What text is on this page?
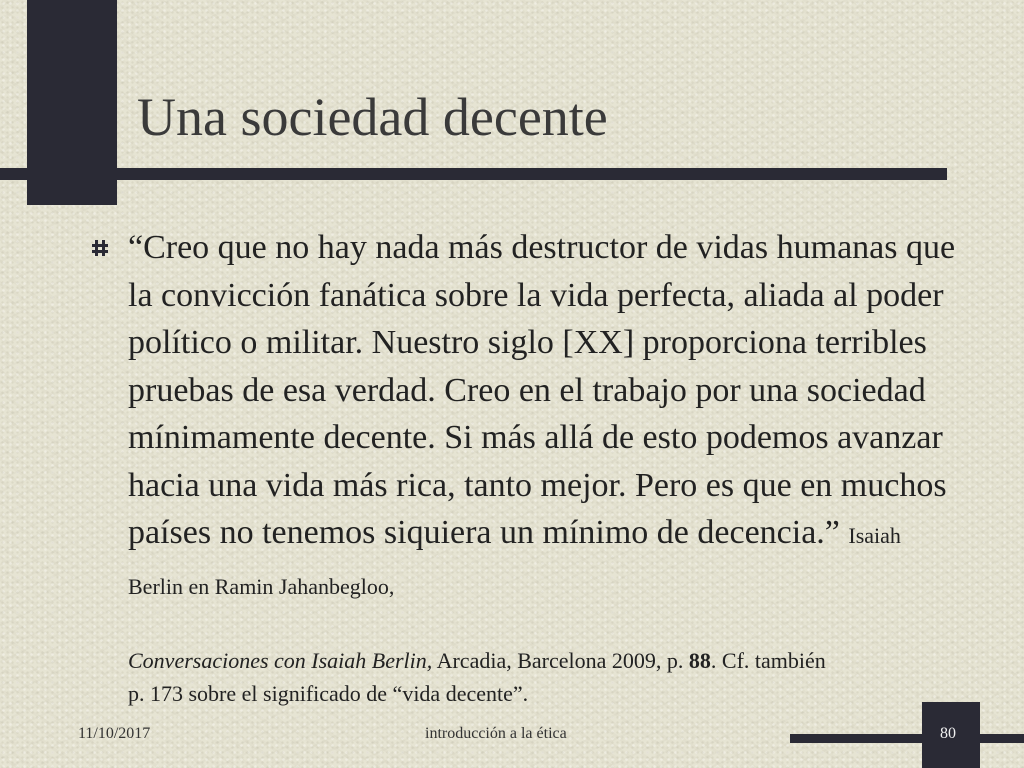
Una sociedad decente
“Creo que no hay nada más destructor de vidas humanas que la convicción fanática sobre la vida perfecta, aliada al poder político o militar. Nuestro siglo [XX] proporciona terribles pruebas de esa verdad. Creo en el trabajo por una sociedad mínimamente decente. Si más allá de esto podemos avanzar hacia una vida más rica, tanto mejor. Pero es que en muchos países no tenemos siquiera un mínimo de decencia.” Isaiah Berlin en Ramin Jahanbegloo,
Conversaciones con Isaiah Berlin, Arcadia, Barcelona 2009, p. 88. Cf. también
p. 173 sobre el significado de “vida decente”.
11/10/2017	introducción a la ética	80
